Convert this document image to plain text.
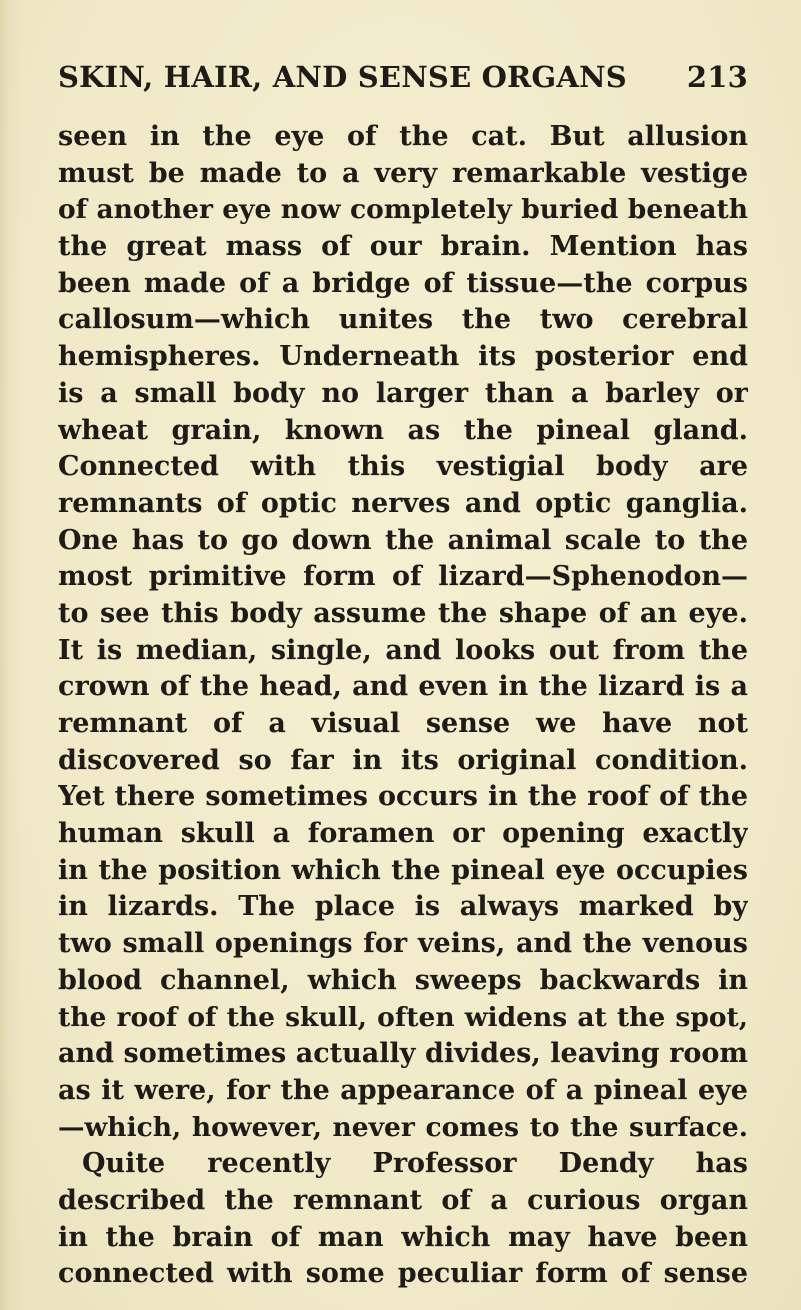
SKIN, HAIR, AND SENSE ORGANS 213
seen in the eye of the cat. But allusion
must be made to a very remarkable vestige
of another eye now completely buried beneath
the great mass of our brain. Mention has
been made of a bridge of tissue—the corpus
callosum—which unites the two cerebral
hemispheres. Underneath its posterior end
is a small body no larger than a barley or
wheat grain, known as the pineal gland.
Connected with this vestigial body are
remnants of optic nerves and optic ganglia.
One has to go down the animal scale to the
most primitive form of lizard—Sphenodon—
to see this body assume the shape of an eye.
It is median, single, and looks out from the
crown of the head, and even in the lizard is a
remnant of a visual sense we have not
discovered so far in its original condition.
Yet there sometimes occurs in the roof of the
human skull a foramen or opening exactly
in the position which the pineal eye occupies
in lizards. The place is always marked by
two small openings for veins, and the venous
blood channel, which sweeps backwards in
the roof of the skull, often widens at the spot,
and sometimes actually divides, leaving room
as it were, for the appearance of a pineal eye
—which, however, never comes to the surface.
Quite recently Professor Dendy has
described the remnant of a curious organ
in the brain of man which may have been
connected with some peculiar form of sense
